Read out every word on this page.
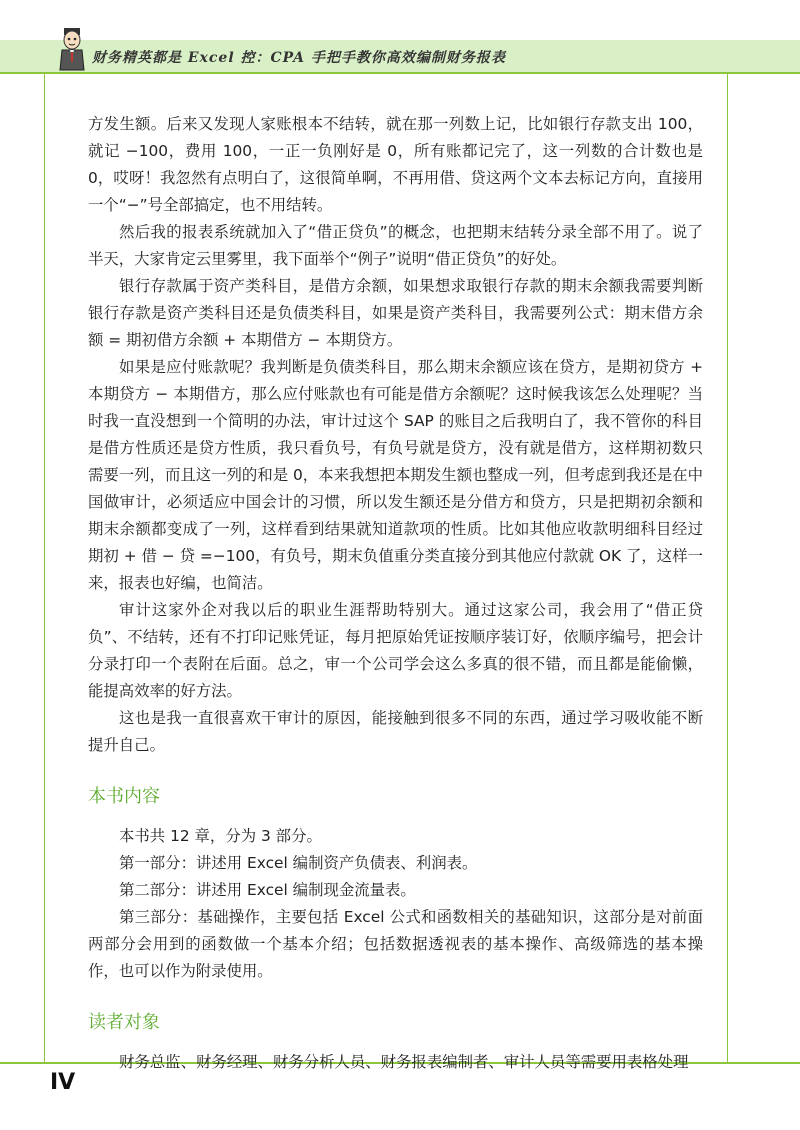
财务精英都是 Excel 控：CPA 手把手教你高效编制财务报表

方发生额。后来又发现人家账根本不结转，就在那一列数上记，比如银行存款支出 100，就记 −100，费用 100，一正一负刚好是 0，所有账都记完了，这一列数的合计数也是 0，哎呀！我忽然有点明白了，这很简单啊，不再用借、贷这两个文本去标记方向，直接用一个“−”号全部搞定，也不用结转。

然后我的报表系统就加入了“借正贷负”的概念，也把期末结转分录全部不用了。说了半天，大家肯定云里雾里，我下面举个“例子”说明“借正贷负”的好处。

银行存款属于资产类科目，是借方余额，如果想求取银行存款的期末余额我需要判断银行存款是资产类科目还是负债类科目，如果是资产类科目，我需要列公式：期末借方余额 = 期初借方余额 + 本期借方 − 本期贷方。

如果是应付账款呢？我判断是负债类科目，那么期末余额应该在贷方，是期初贷方 + 本期贷方 − 本期借方，那么应付账款也有可能是借方余额呢？这时候我该怎么处理呢？当时我一直没想到一个简明的办法，审计过这个 SAP 的账目之后我明白了，我不管你的科目是借方性质还是贷方性质，我只看负号，有负号就是贷方，没有就是借方，这样期初数只需要一列，而且这一列的和是 0，本来我想把本期发生额也整成一列，但考虑到我还是在中国做审计，必须适应中国会计的习惯，所以发生额还是分借方和贷方，只是把期初余额和期末余额都变成了一列，这样看到结果就知道款项的性质。比如其他应收款明细科目经过期初 + 借 − 贷 =−100，有负号，期末负值重分类直接分到其他应付款就 OK 了，这样一来，报表也好编，也简洁。

审计这家外企对我以后的职业生涯帮助特别大。通过这家公司，我会用了“借正贷负”、不结转，还有不打印记账凭证，每月把原始凭证按顺序装订好，依顺序编号，把会计分录打印一个表附在后面。总之，审一个公司学会这么多真的很不错，而且都是能偷懒，能提高效率的好方法。

这也是我一直很喜欢干审计的原因，能接触到很多不同的东西，通过学习吸收能不断提升自己。

本书内容

本书共 12 章，分为 3 部分。

第一部分：讲述用 Excel 编制资产负债表、利润表。

第二部分：讲述用 Excel 编制现金流量表。

第三部分：基础操作，主要包括 Excel 公式和函数相关的基础知识，这部分是对前面两部分会用到的函数做一个基本介绍；包括数据透视表的基本操作、高级筛选的基本操作，也可以作为附录使用。

读者对象

财务总监、财务经理、财务分析人员、财务报表编制者、审计人员等需要用表格处理

IV
